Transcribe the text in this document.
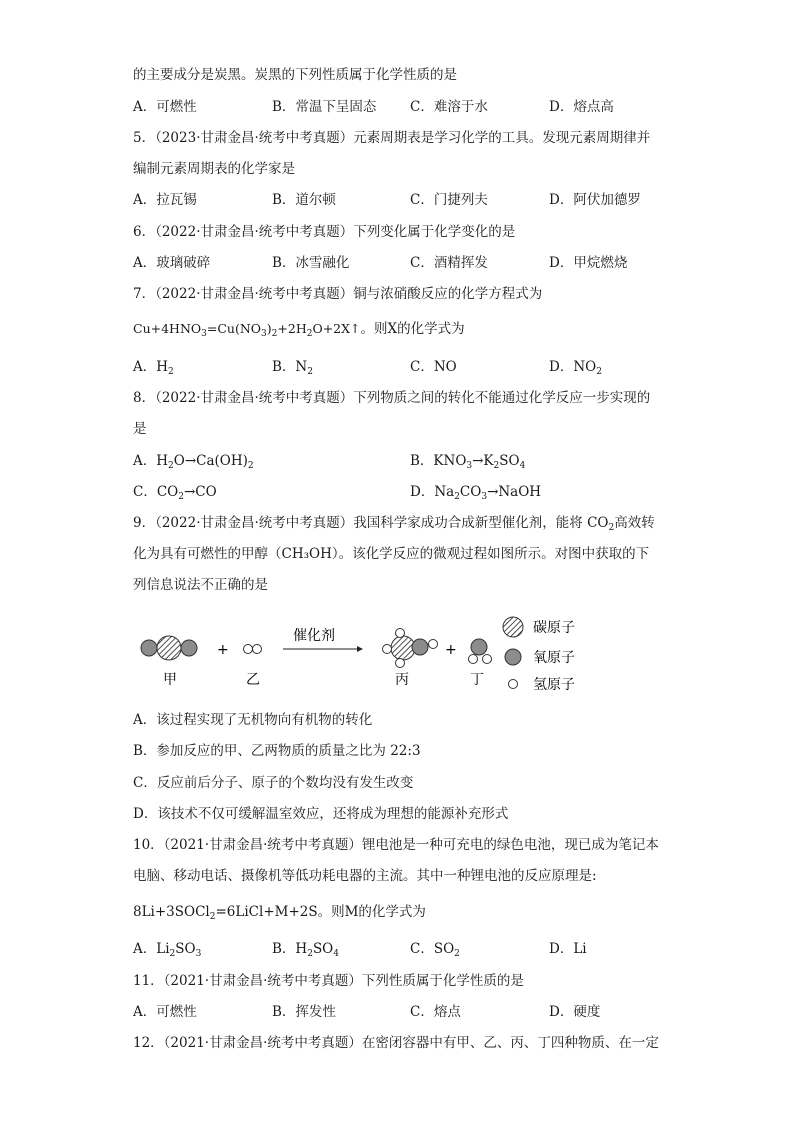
的主要成分是炭黑。炭黑的下列性质属于化学性质的是
A．可燃性	B．常温下呈固态 C．难溶于水	D．熔点高
5．（2023·甘肃金昌·统考中考真题）元素周期表是学习化学的工具。发现元素周期律并
编制元素周期表的化学家是
A．拉瓦锡	B．道尔顿	C．门捷列夫	D．阿伏加德罗
6．（2022·甘肃金昌·统考中考真题）下列变化属于化学变化的是
A．玻璃破碎	B．冰雪融化	C．酒精挥发	D．甲烷燃烧
7．（2022·甘肃金昌·统考中考真题）铜与浓硝酸反应的化学方程式为
$Cu+4HNO_3=Cu(NO_3)_2+2H_2O+2X↑$。则X的化学式为
A．$H_2$	B．$N_2$	C．NO	D．$NO_2$
8．（2022·甘肃金昌·统考中考真题）下列物质之间的转化不能通过化学反应一步实现的
是
A．$H_2O\to Ca(OH)_2$	B．$KNO_3\to K_2SO_4$
C．$CO_2\to CO$	D．$Na_2CO_3\to NaOH$
9．（2022·甘肃金昌·统考中考真题）我国科学家成功合成新型催化剂，能将 $CO_2$高效转
化为具有可燃性的甲醇（CH₃OH）。该化学反应的微观过程如图所示。对图中获取的下
列信息说法不正确的是
+
催化剂
+
甲	乙	丙	丁
碳原子
氧原子
氢原子
A．该过程实现了无机物向有机物的转化
B．参加反应的甲、乙两物质的质量之比为 22:3
C．反应前后分子、原子的个数均没有发生改变
D．该技术不仅可缓解温室效应，还将成为理想的能源补充形式
10．（2021·甘肃金昌·统考中考真题）锂电池是一种可充电的绿色电池，现已成为笔记本
电脑、移动电话、摄像机等低功耗电器的主流。其中一种锂电池的反应原理是:
8Li+3SOCl$_2$=6LiCl+M+2S。则M的化学式为
A．$Li_2SO_3$	B．$H_2SO_4$	C．$SO_2$	D．Li
11．（2021·甘肃金昌·统考中考真题）下列性质属于化学性质的是
A．可燃性	B．挥发性	C．熔点	D．硬度
12．（2021·甘肃金昌·统考中考真题）在密闭容器中有甲、乙、丙、丁四种物质、在一定
